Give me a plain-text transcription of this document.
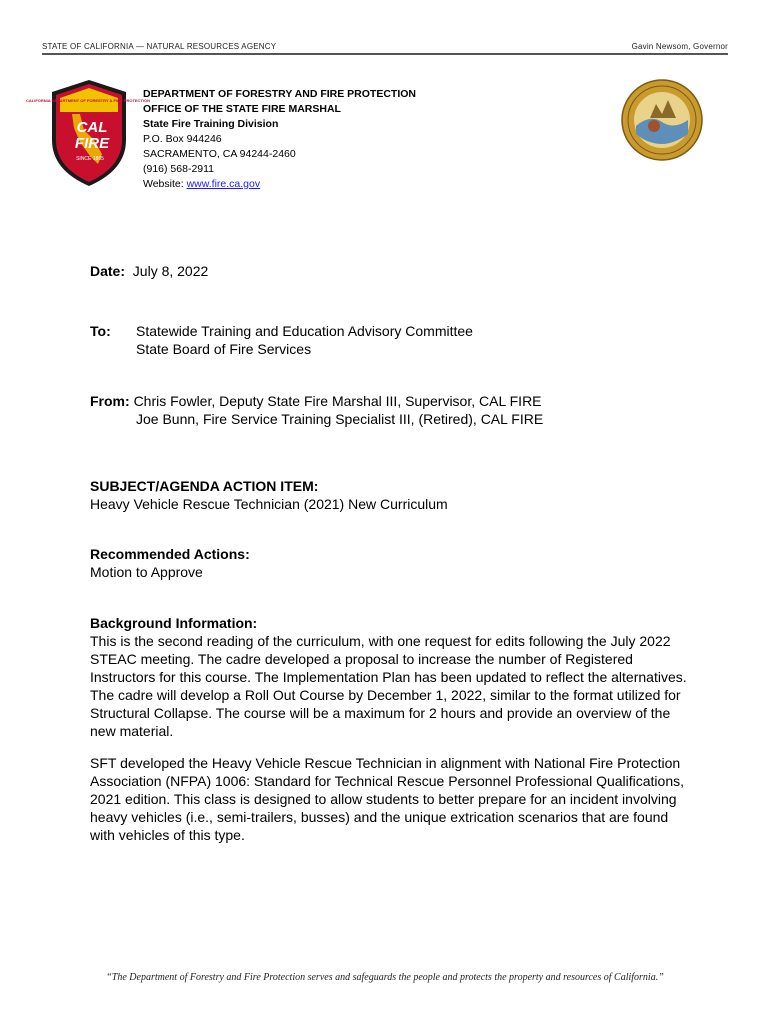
STATE OF CALIFORNIA — NATURAL RESOURCES AGENCY	Gavin Newsom, Governor
CALIFORNIA DEPARTMENT OF FORESTRY & FIRE PROTECTION
CAL
FIRE
SINCE 1885
DEPARTMENT OF FORESTRY AND FIRE PROTECTION
OFFICE OF THE STATE FIRE MARSHAL
State Fire Training Division
P.O. Box 944246
SACRAMENTO, CA 94244-2460
(916) 568-2911
Website: www.fire.ca.gov
Date: July 8, 2022
To: Statewide Training and Education Advisory Committee
State Board of Fire Services
From: Chris Fowler, Deputy State Fire Marshal III, Supervisor, CAL FIRE
Joe Bunn, Fire Service Training Specialist III, (Retired), CAL FIRE
SUBJECT/AGENDA ACTION ITEM:
Heavy Vehicle Rescue Technician (2021) New Curriculum
Recommended Actions:
Motion to Approve
Background Information:

This is the second reading of the curriculum, with one request for edits following the July 2022 STEAC meeting. The cadre developed a proposal to increase the number of Registered Instructors for this course. The Implementation Plan has been updated to reflect the alternatives. The cadre will develop a Roll Out Course by December 1, 2022, similar to the format utilized for Structural Collapse. The course will be a maximum for 2 hours and provide an overview of the new material.

SFT developed the Heavy Vehicle Rescue Technician in alignment with National Fire Protection Association (NFPA) 1006: Standard for Technical Rescue Personnel Professional Qualifications, 2021 edition. This class is designed to allow students to better prepare for an incident involving heavy vehicles (i.e., semi-trailers, busses) and the unique extrication scenarios that are found with vehicles of this type.

“The Department of Forestry and Fire Protection serves and safeguards the people and protects the property and resources of California.”
